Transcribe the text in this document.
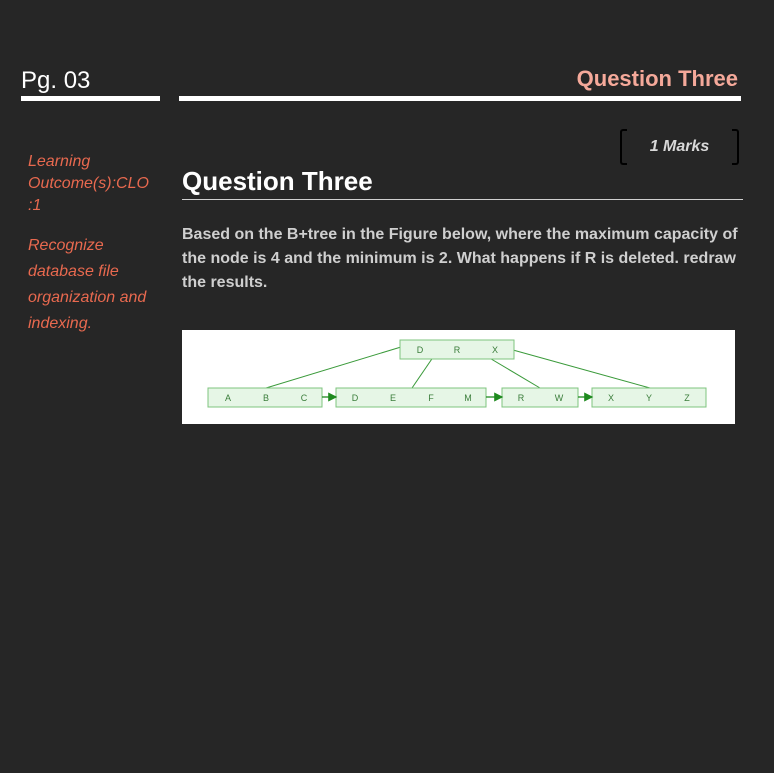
Pg. 03	Question Three
Learning Outcome(s):CLO :1
Recognize database file organization and indexing.
1 Marks
Question Three
Based on the B+tree in the Figure below, where the maximum capacity of the node is 4 and the minimum is 2. What happens if R is deleted. redraw the results.
D	R	X
A	B	C	D	E	F	M	R	W	X	Y	Z
